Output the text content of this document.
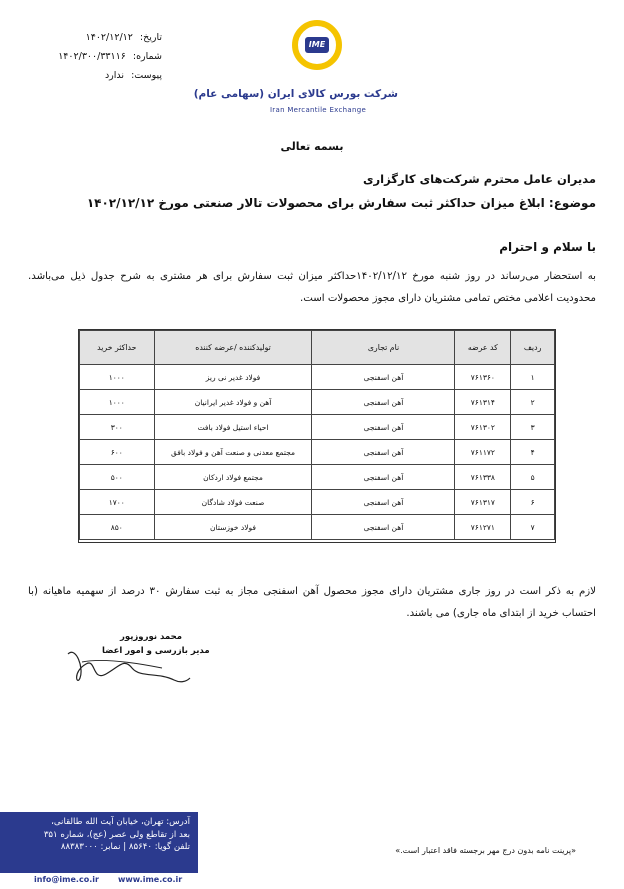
تاریخ: ۱۴۰۲/۱۲/۱۲
شماره: ۱۴۰۲/۳۰۰/۳۳۱۱۶
پیوست: ندارد
IME
شرکت بورس کالای ایران (سهامی عام)
Iran Mercantile Exchange
بسمه تعالی
مدیران عامل محترم شرکت‌های کارگزاری
موضوع: ابلاغ میزان حداکثر ثبت سفارش برای محصولات تالار صنعتی مورخ ۱۴۰۲/۱۲/۱۲
با سلام و احترام
به استحضار می‌رساند در روز شنبه مورخ ۱۴۰۲/۱۲/۱۲حداکثر میزان ثبت سفارش برای هر مشتری به شرح جدول ذیل می‌باشد. محدودیت اعلامی مختص تمامی مشتریان دارای مجوز محصولات است.
ردیف	کد عرضه	نام تجاری	تولیدکننده /عرضه کننده	حداکثر خرید
۱	۷۶۱۳۶۰	آهن اسفنجی	فولاد غدیر نی ریز	۱۰۰۰
۲	۷۶۱۳۱۴	آهن اسفنجی	آهن و فولاد غدیر ایرانیان	۱۰۰۰
۳	۷۶۱۳۰۲	آهن اسفنجی	احیاء استیل فولاد بافت	۳۰۰
۴	۷۶۱۱۷۲	آهن اسفنجی	مجتمع معدنی و صنعت آهن و فولاد بافق	۶۰۰
۵	۷۶۱۳۳۸	آهن اسفنجی	مجتمع فولاد اردکان	۵۰۰
۶	۷۶۱۳۱۷	آهن اسفنجی	صنعت فولاد شادگان	۱۷۰۰
۷	۷۶۱۲۷۱	آهن اسفنجی	فولاد خوزستان	۸۵۰

لازم به ذکر است در روز جاری مشتریان دارای مجوز محصول آهن اسفنجی مجاز به ثبت سفارش ۳۰ درصد از سهمیه ماهیانه (با احتساب خرید از ابتدای ماه جاری) می باشند.
محمد نوروزپور
مدیر بازرسی و امور اعضا
آدرس: تهران، خیابان آیت الله طالقانی،
بعد از تقاطع ولی عصر (عج)، شماره ۳۵۱
تلفن گویا: ۸۵۶۴۰ | نمابر: ۸۸۳۸۳۰۰۰
info@ime.co.ir www.ime.co.ir
«پرینت نامه بدون درج مهر برجسته فاقد اعتبار است.»
